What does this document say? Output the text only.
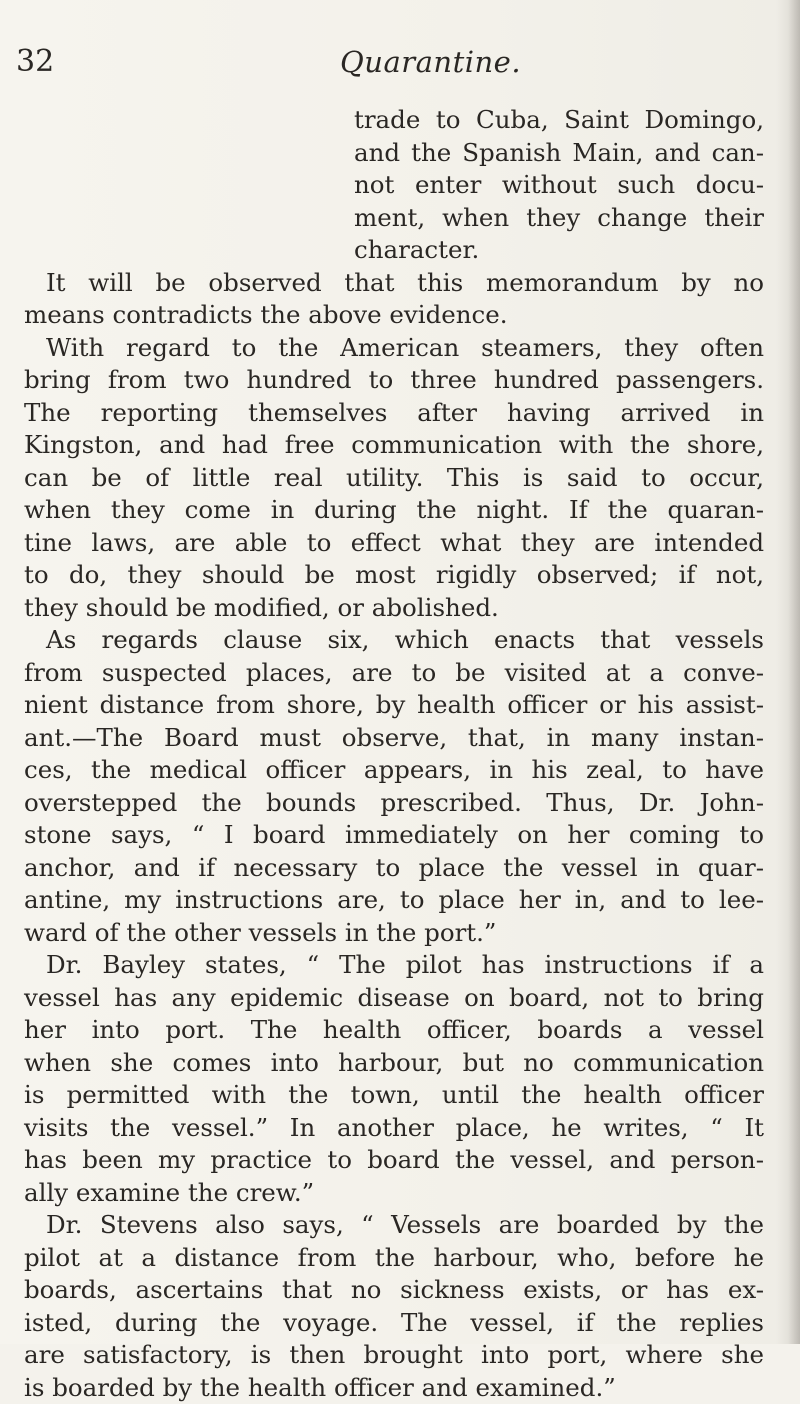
32	Quarantine.
trade to Cuba, Saint Domingo,
and the Spanish Main, and can-
not enter without such docu-
ment, when they change their
character.
It will be observed that this memorandum by no
means contradicts the above evidence.
With regard to the American steamers, they often
bring from two hundred to three hundred passengers.
The reporting themselves after having arrived in
Kingston, and had free communication with the shore,
can be of little real utility. This is said to occur,
when they come in during the night. If the quaran-
tine laws, are able to effect what they are intended
to do, they should be most rigidly observed; if not,
they should be modified, or abolished.
As regards clause six, which enacts that vessels
from suspected places, are to be visited at a conve-
nient distance from shore, by health officer or his assist-
ant.—The Board must observe, that, in many instan-
ces, the medical officer appears, in his zeal, to have
overstepped the bounds prescribed. Thus, Dr. John-
stone says, “ I board immediately on her coming to
anchor, and if necessary to place the vessel in quar-
antine, my instructions are, to place her in, and to lee-
ward of the other vessels in the port.”
Dr. Bayley states, “ The pilot has instructions if a
vessel has any epidemic disease on board, not to bring
her into port. The health officer, boards a vessel
when she comes into harbour, but no communication
is permitted with the town, until the health officer
visits the vessel.” In another place, he writes, “ It
has been my practice to board the vessel, and person-
ally examine the crew.”
Dr. Stevens also says, “ Vessels are boarded by the
pilot at a distance from the harbour, who, before he
boards, ascertains that no sickness exists, or has ex-
isted, during the voyage. The vessel, if the replies
are satisfactory, is then brought into port, where she
is boarded by the health officer and examined.”
